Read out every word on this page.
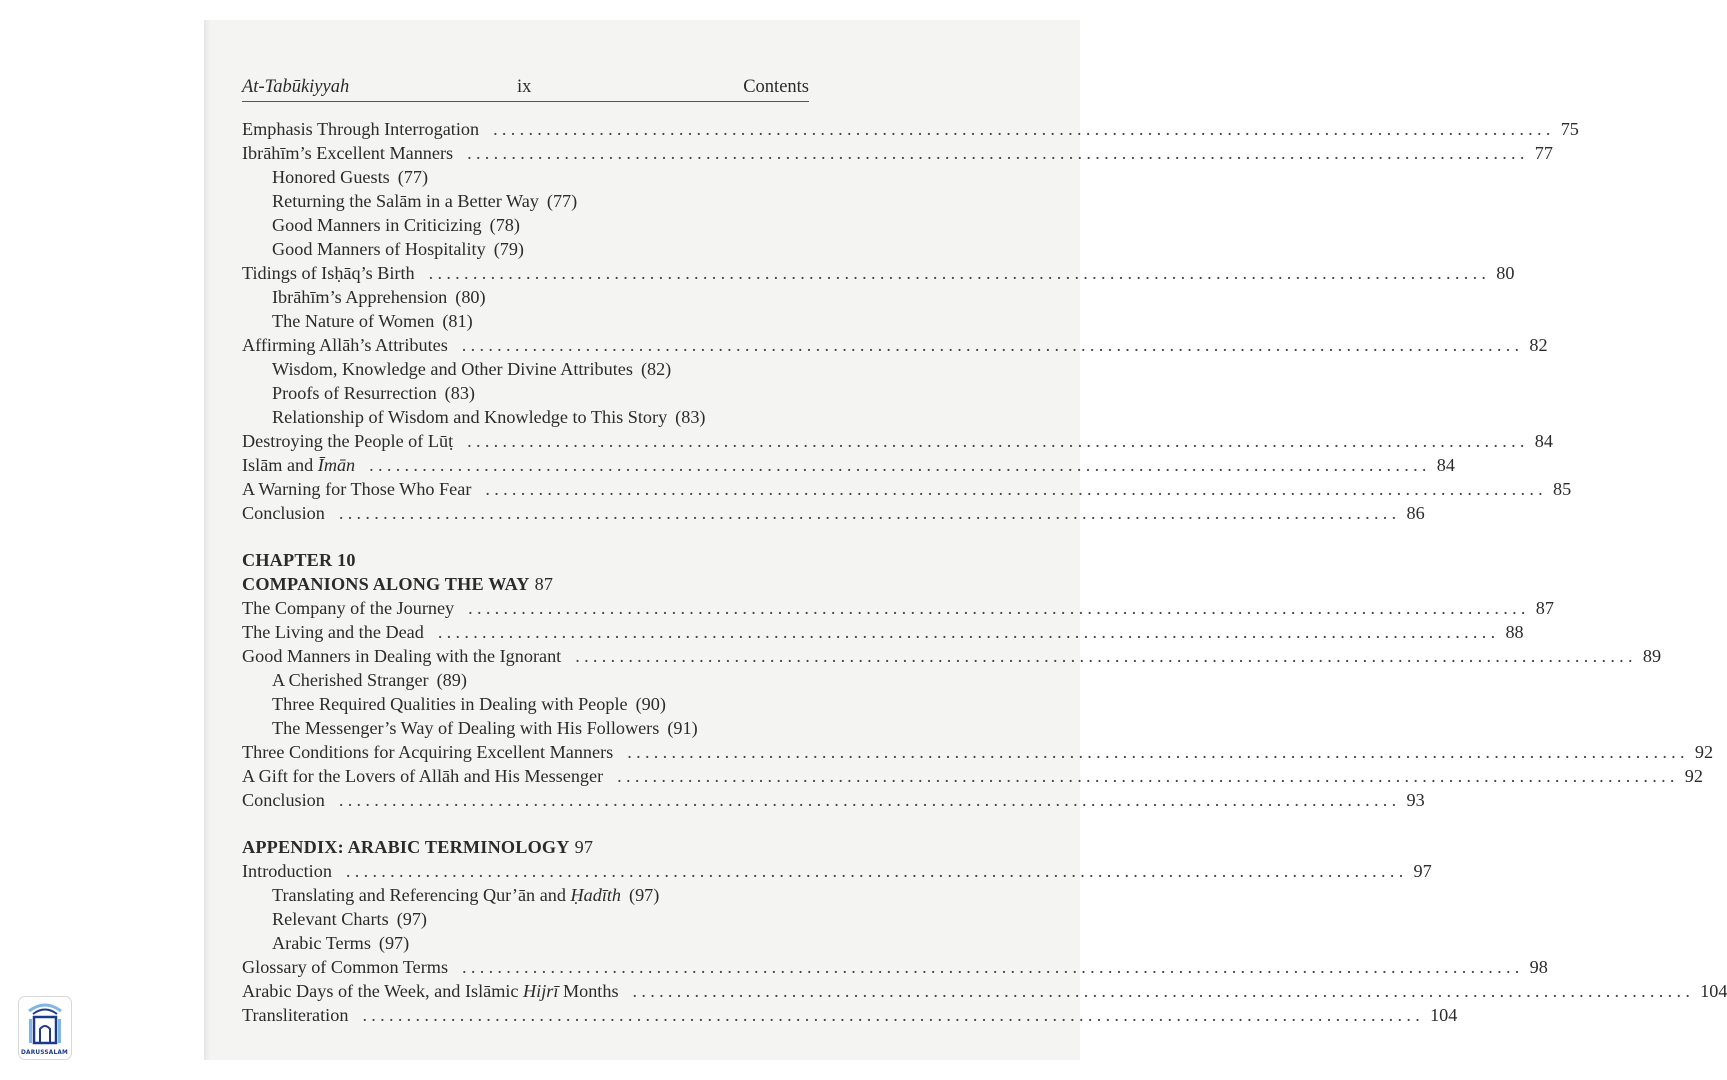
At-Tabūkiyyah	ix	Contents
Emphasis Through Interrogation ........................................................................................................................ 75
Ibrāhīm’s Excellent Manners ........................................................................................................................ 77
Honored Guests (77)
Returning the Salām in a Better Way (77)
Good Manners in Criticizing (78)
Good Manners of Hospitality (79)
Tidings of Isḥāq’s Birth ........................................................................................................................ 80
Ibrāhīm’s Apprehension (80)
The Nature of Women (81)
Affirming Allāh’s Attributes ........................................................................................................................ 82
Wisdom, Knowledge and Other Divine Attributes (82)
Proofs of Resurrection (83)
Relationship of Wisdom and Knowledge to This Story (83)
Destroying the People of Lūṭ ........................................................................................................................ 84
Islām and Īmān ........................................................................................................................ 84
A Warning for Those Who Fear ........................................................................................................................ 85
Conclusion ........................................................................................................................ 86
CHAPTER 10
COMPANIONS ALONG THE WAY 87
The Company of the Journey ........................................................................................................................ 87
The Living and the Dead ........................................................................................................................ 88
Good Manners in Dealing with the Ignorant ........................................................................................................................ 89
A Cherished Stranger (89)
Three Required Qualities in Dealing with People (90)
The Messenger’s Way of Dealing with His Followers (91)
Three Conditions for Acquiring Excellent Manners ........................................................................................................................ 92
A Gift for the Lovers of Allāh and His Messenger ........................................................................................................................ 92
Conclusion ........................................................................................................................ 93
APPENDIX: ARABIC TERMINOLOGY 97
Introduction ........................................................................................................................ 97
Translating and Referencing Qur’ān and Ḥadīth (97)
Relevant Charts (97)
Arabic Terms (97)
Glossary of Common Terms ........................................................................................................................ 98
Arabic Days of the Week, and Islāmic Hijrī Months ........................................................................................................................ 104
Transliteration ........................................................................................................................ 104
DARUSSALAM
